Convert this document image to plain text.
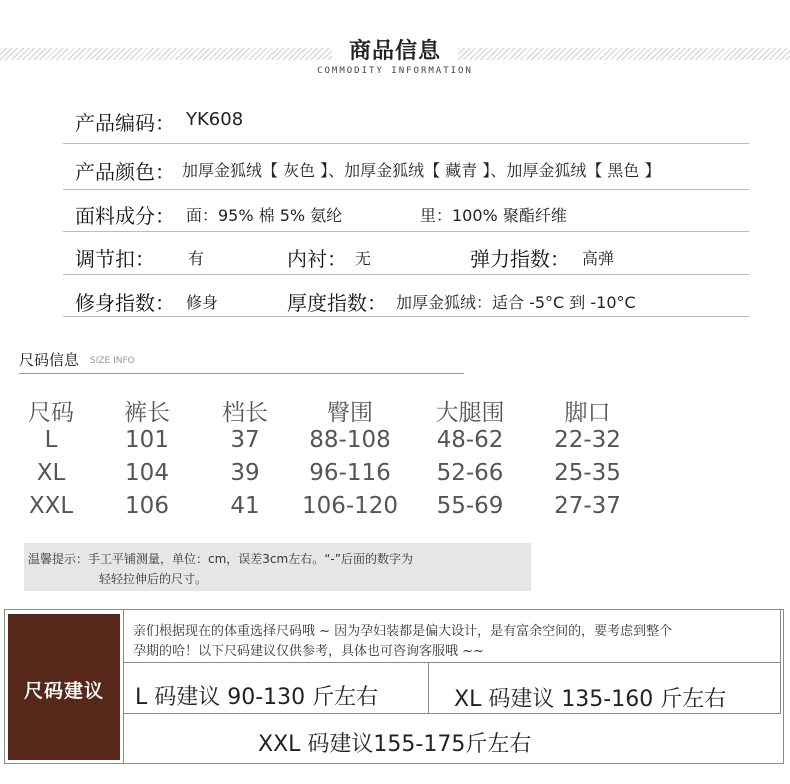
商品信息
COMMODITY INFORMATION
产品编码： YK608
产品颜色： 加厚金狐绒【 灰色 】、加厚金狐绒【 藏青 】、加厚金狐绒【 黑色 】
面料成分： 面：95% 棉 5% 氨纶	里：100% 聚酯纤维
调节扣： 有	内衬： 无	弹力指数： 高弹
修身指数： 修身	厚度指数： 加厚金狐绒：适合 -5°C 到 -10°C
尺码信息 SIZE INFO
尺码	裤长	档长	臀围	大腿围	脚口
L	101	37	88-108	48-62	22-32
XL	104	39	96-116	52-66	25-35
XXL	106	41	106-120	55-69	27-37
温馨提示：手工平铺测量，单位：cm，误差3cm左右。“-”后面的数字为
轻轻拉伸后的尺寸。
尺码建议
亲们根据现在的体重选择尺码哦 ~ 因为孕妇装都是偏大设计，是有富余空间的，要考虑到整个
孕期的哈！以下尺码建议仅供参考，具体也可咨询客服哦 ~~
L 码建议 90-130 斤左右	XL 码建议 135-160 斤左右
XXL 码建议155-175斤左右
